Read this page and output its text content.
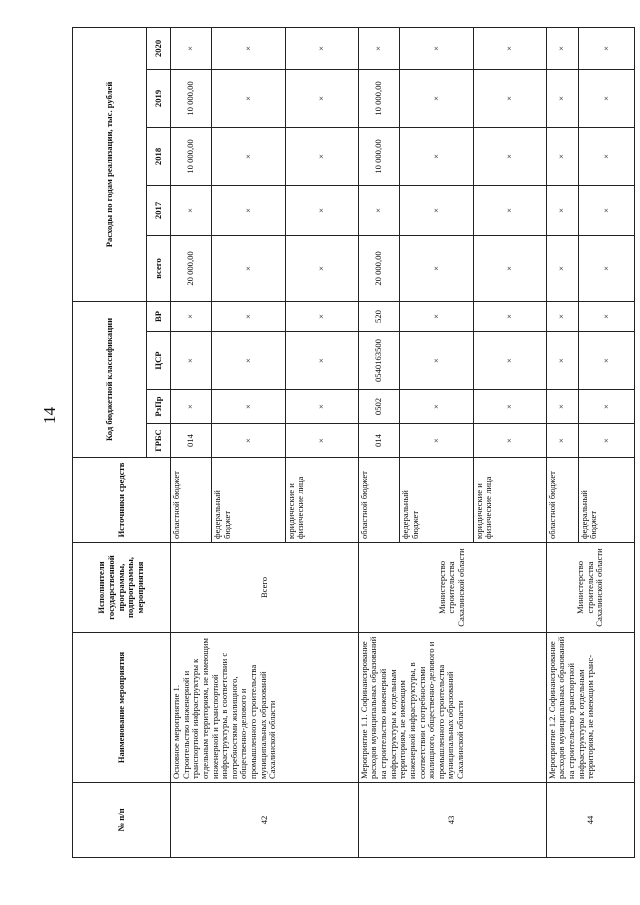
14
№ п/п	Наименование мероприятия	Исполнители государственной программы, подпрограммы, мероприятия	Источники средств	Код бюджетной классификации				Расходы по годам реализации, тыс. рублей				
				ГРБС	РзПр	ЦСР	ВР	всего	2017	2018	2019	2020
42	Основное мероприятие 1. Строительство инженерной и транспортной инфраструктуры к отдельным территориям, не имеющим инженерной и транспортной инфраструктуры, в соответствии с потребностями жилищного, общественно-делового и промышленного строительства муниципальных образований Сахалинской области	Всего	областной бюджет	014	×	×	×	20 000,00	×	10 000,00	10 000,00	×
			федеральный бюджет	×	×	×	×	×	×	×	×	×
			юридические и физические лица	×	×	×	×	×	×	×	×	×
43	Мероприятие 1.1. Софинансирование расходов муниципальных образований на строительство инженерной инфраструктуры к отдельным территориям, не имеющим инженерной инфраструктуры, в соответствии с потребностями жилищного, общественно-делового и промышленного строительства муниципальных образований Сахалинской области	Министерство строительства Сахалинской области	областной бюджет	014	0502	0540163500	520	20 000,00	×	10 000,00	10 000,00	×
			федеральный бюджет	×	×	×	×	×	×	×	×	×
			юридические и физические лица	×	×	×	×	×	×	×	×	×
44	Мероприятие 1.2. Софинансирование расходов муниципальных образований на строительство транспортной инфраструктуры к отдельным территориям, не имеющим транс-	Министерство строительства Сахалинской области	областной бюджет	×	×	×	×	×	×	×	×	×
			федеральный бюджет	×	×	×	×	×	×	×	×	×
